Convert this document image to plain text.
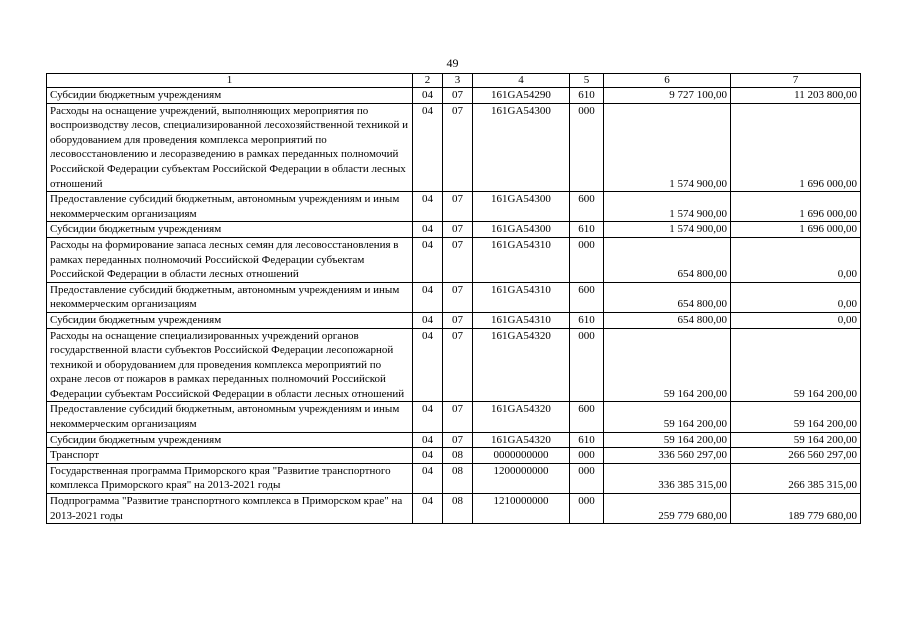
49
1	2	3	4	5	6	7
Субсидии бюджетным учреждениям	04	07	161GA54290	610	9 727 100,00	11 203 800,00
Расходы на оснащение учреждений, выполняющих мероприятия по воспроизводству лесов, специализированной лесохозяйственной техникой и оборудованием для проведения комплекса мероприятий по лесовосстановлению и лесоразведению в рамках переданных полномочий Российской Федерации субъектам Российской Федерации в области лесных отношений	04	07	161GA54300	000	1 574 900,00	1 696 000,00
Предоставление субсидий бюджетным, автономным учреждениям и иным некоммерческим организациям	04	07	161GA54300	600	1 574 900,00	1 696 000,00
Субсидии бюджетным учреждениям	04	07	161GA54300	610	1 574 900,00	1 696 000,00
Расходы на формирование запаса лесных семян для лесовосстановления в рамках переданных полномочий Российской Федерации субъектам Российской Федерации в области лесных отношений	04	07	161GA54310	000	654 800,00	0,00
Предоставление субсидий бюджетным, автономным учреждениям и иным некоммерческим организациям	04	07	161GA54310	600	654 800,00	0,00
Субсидии бюджетным учреждениям	04	07	161GA54310	610	654 800,00	0,00
Расходы на оснащение специализированных учреждений органов государственной власти субъектов Российской Федерации лесопожарной техникой и оборудованием для проведения комплекса мероприятий по охране лесов от пожаров в рамках переданных полномочий Российской Федерации субъектам Российской Федерации в области лесных отношений	04	07	161GA54320	000	59 164 200,00	59 164 200,00
Предоставление субсидий бюджетным, автономным учреждениям и иным некоммерческим организациям	04	07	161GA54320	600	59 164 200,00	59 164 200,00
Субсидии бюджетным учреждениям	04	07	161GA54320	610	59 164 200,00	59 164 200,00
Транспорт	04	08	0000000000	000	336 560 297,00	266 560 297,00
Государственная программа Приморского края "Развитие транспортного комплекса Приморского края" на 2013-2021 годы	04	08	1200000000	000	336 385 315,00	266 385 315,00
Подпрограмма "Развитие транспортного комплекса в Приморском крае" на 2013-2021 годы	04	08	1210000000	000	259 779 680,00	189 779 680,00
